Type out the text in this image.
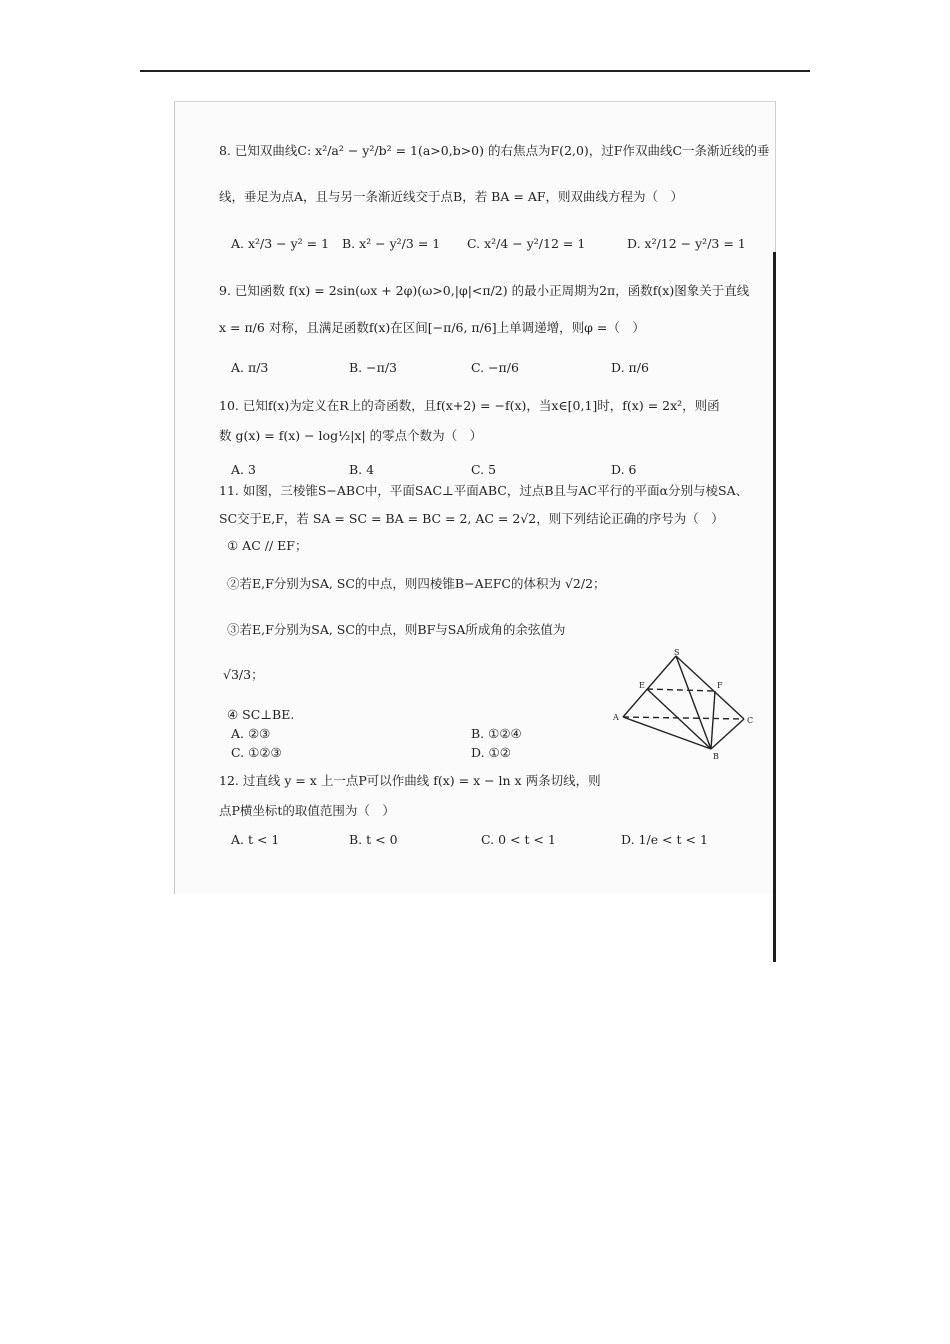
8. 已知双曲线C: x²/a² − y²/b² = 1(a>0,b>0) 的右焦点为F(2,0)，过F作双曲线C一条渐近线的垂
线，垂足为点A，且与另一条渐近线交于点B，若 BA = AF，则双曲线方程为（　）
A. x²/3 − y² = 1 B. x² − y²/3 = 1 C. x²/4 − y²/12 = 1	D. x²/12 − y²/3 = 1
9. 已知函数 f(x) = 2sin(ωx + 2φ)(ω>0,|φ|<π/2) 的最小正周期为2π，函数f(x)图象关于直线
x = π/6 对称，且满足函数f(x)在区间[−π/6, π/6]上单调递增，则φ =（　）
A. π/3	B. −π/3	C. −π/6	D. π/6
10. 已知f(x)为定义在R上的奇函数，且f(x+2) = −f(x)，当x∈[0,1]时，f(x) = 2x²，则函
数 g(x) = f(x) − log½|x| 的零点个数为（　）
A. 3	B. 4	C. 5	D. 6
11. 如图，三棱锥S−ABC中，平面SAC⊥平面ABC，过点B且与AC平行的平面α分别与棱SA、
SC交于E,F，若 SA = SC = BA = BC = 2, AC = 2√2，则下列结论正确的序号为（　）
① AC // EF；
②若E,F分别为SA, SC的中点，则四棱锥B−AEFC的体积为 √2/2；
③若E,F分别为SA, SC的中点，则BF与SA所成角的余弦值为
√3/3；
④ SC⊥BE.
A. ②③	B. ①②④
C. ①②③	D. ①②
S
E	F
A	C
B
12. 过直线 y = x 上一点P可以作曲线 f(x) = x − ln x 两条切线，则
点P横坐标t的取值范围为（　）
A. t < 1	B. t < 0	C. 0 < t < 1	D. 1/e < t < 1
